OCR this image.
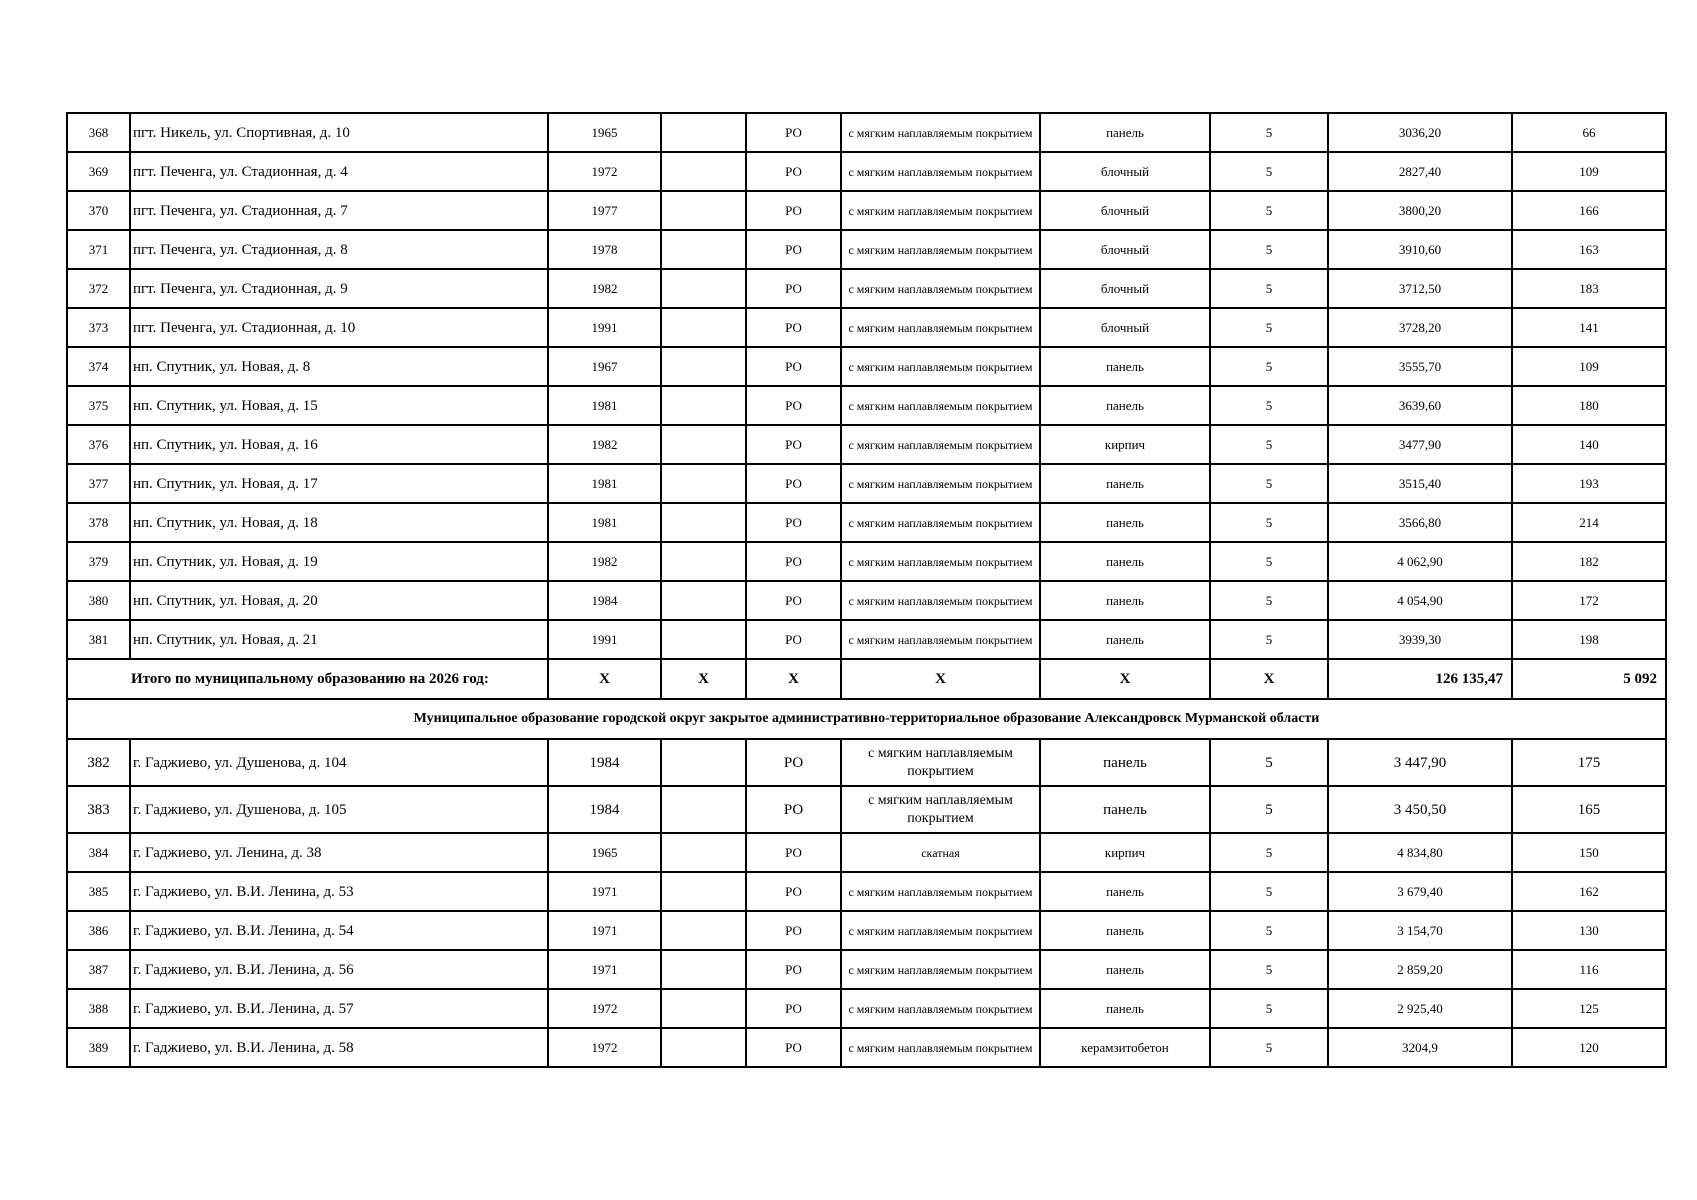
368	пгт. Никель, ул. Спортивная, д. 10	1965		РО	с мягким наплавляемым покрытием	панель	5	3036,20	66
369	пгт. Печенга, ул. Стадионная, д. 4	1972		РО	с мягким наплавляемым покрытием	блочный	5	2827,40	109
370	пгт. Печенга, ул. Стадионная, д. 7	1977		РО	с мягким наплавляемым покрытием	блочный	5	3800,20	166
371	пгт. Печенга, ул. Стадионная, д. 8	1978		РО	с мягким наплавляемым покрытием	блочный	5	3910,60	163
372	пгт. Печенга, ул. Стадионная, д. 9	1982		РО	с мягким наплавляемым покрытием	блочный	5	3712,50	183
373	пгт. Печенга, ул. Стадионная, д. 10	1991		РО	с мягким наплавляемым покрытием	блочный	5	3728,20	141
374	нп. Спутник, ул. Новая, д. 8	1967		РО	с мягким наплавляемым покрытием	панель	5	3555,70	109
375	нп. Спутник, ул. Новая, д. 15	1981		РО	с мягким наплавляемым покрытием	панель	5	3639,60	180
376	нп. Спутник, ул. Новая, д. 16	1982		РО	с мягким наплавляемым покрытием	кирпич	5	3477,90	140
377	нп. Спутник, ул. Новая, д. 17	1981		РО	с мягким наплавляемым покрытием	панель	5	3515,40	193
378	нп. Спутник, ул. Новая, д. 18	1981		РО	с мягким наплавляемым покрытием	панель	5	3566,80	214
379	нп. Спутник, ул. Новая, д. 19	1982		РО	с мягким наплавляемым покрытием	панель	5	4 062,90	182
380	нп. Спутник, ул. Новая, д. 20	1984		РО	с мягким наплавляемым покрытием	панель	5	4 054,90	172
381	нп. Спутник, ул. Новая, д. 21	1991		РО	с мягким наплавляемым покрытием	панель	5	3939,30	198
Итого по муниципальному образованию на 2026 год:		X	X	X	X	X	X	126 135,47	5 092
Муниципальное образование городской округ закрытое административно-территориальное образование Александровск Мурманской области									
382	г. Гаджиево, ул. Душенова, д. 104	1984		РО	с мягким наплавляемым покрытием	панель	5	3 447,90	175
383	г. Гаджиево, ул. Душенова, д. 105	1984		РО	с мягким наплавляемым покрытием	панель	5	3 450,50	165
384	г. Гаджиево, ул. Ленина, д. 38	1965		РО	скатная	кирпич	5	4 834,80	150
385	г. Гаджиево, ул. В.И. Ленина, д. 53	1971		РО	с мягким наплавляемым покрытием	панель	5	3 679,40	162
386	г. Гаджиево, ул. В.И. Ленина, д. 54	1971		РО	с мягким наплавляемым покрытием	панель	5	3 154,70	130
387	г. Гаджиево, ул. В.И. Ленина, д. 56	1971		РО	с мягким наплавляемым покрытием	панель	5	2 859,20	116
388	г. Гаджиево, ул. В.И. Ленина, д. 57	1972		РО	с мягким наплавляемым покрытием	панель	5	2 925,40	125
389	г. Гаджиево, ул. В.И. Ленина, д. 58	1972		РО	с мягким наплавляемым покрытием	керамзитобетон	5	3204,9	120
